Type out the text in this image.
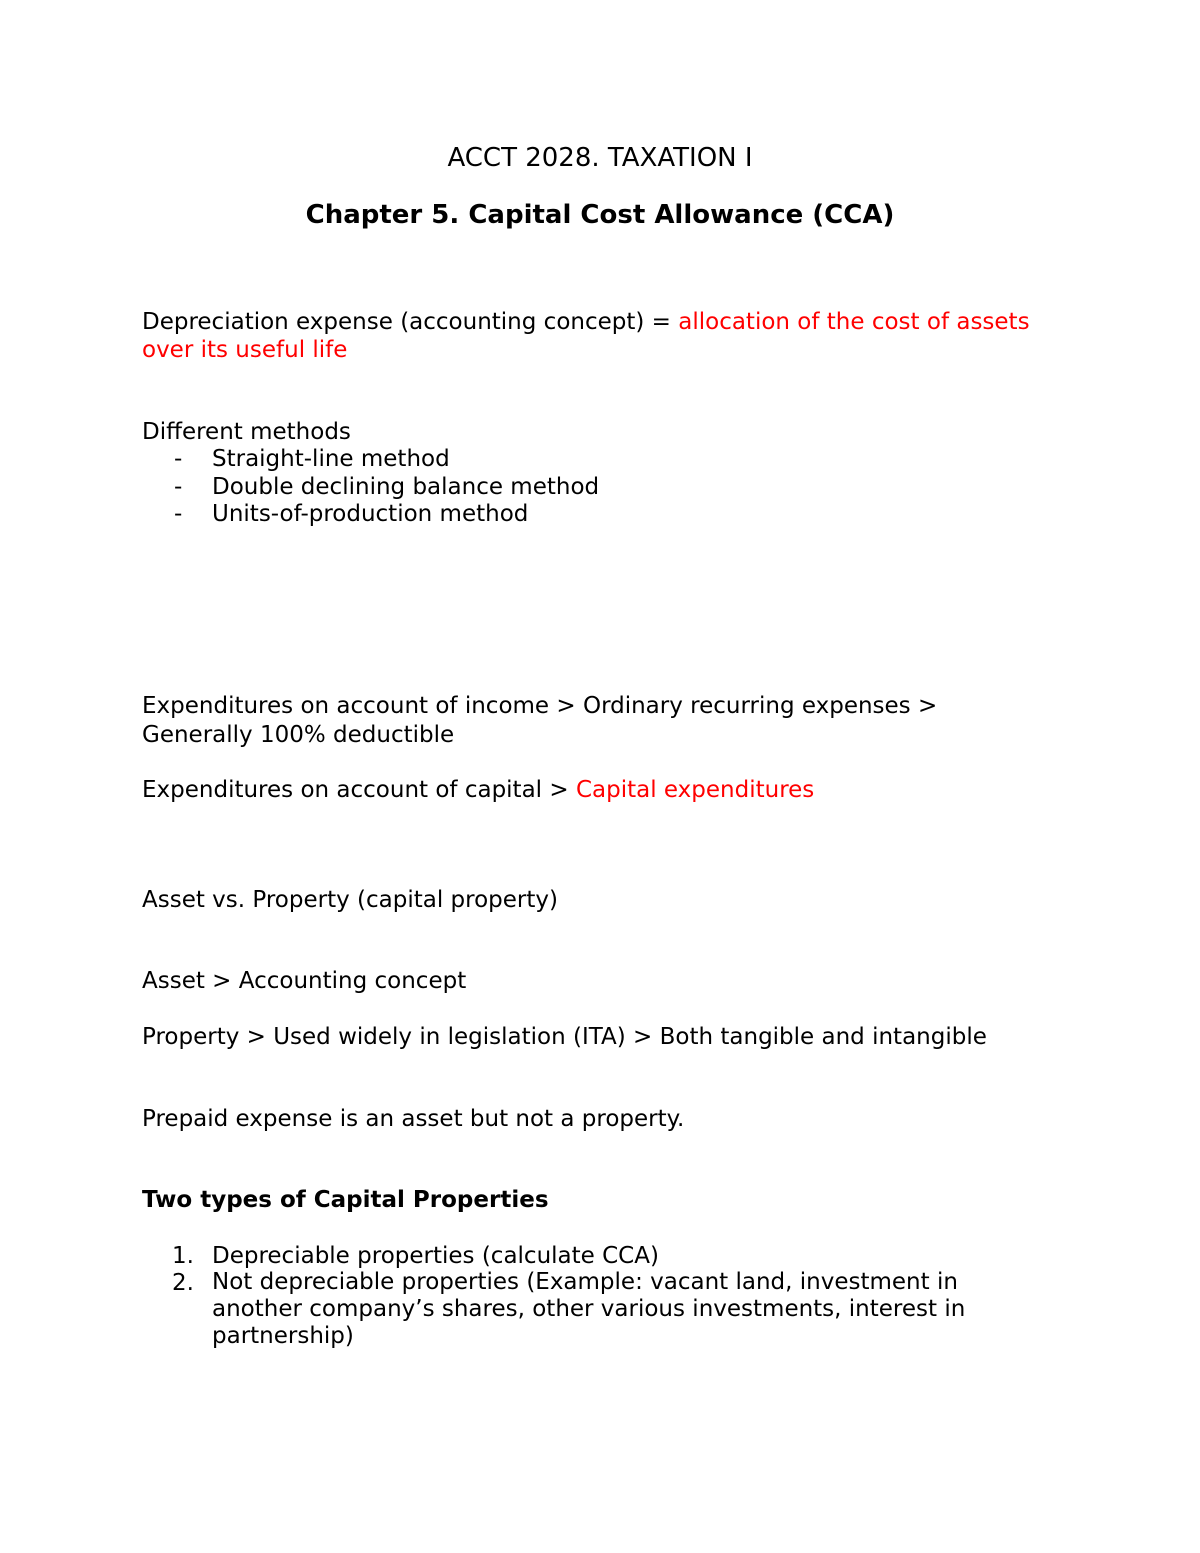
ACCT 2028. TAXATION I
Chapter 5. Capital Cost Allowance (CCA)
Depreciation expense (accounting concept) = allocation of the cost of assets
over its useful life
Different methods
- Straight-line method
- Double declining balance method
- Units-of-production method
Expenditures on account of income > Ordinary recurring expenses >
Generally 100% deductible
Expenditures on account of capital > Capital expenditures
Asset vs. Property (capital property)
Asset > Accounting concept
Property > Used widely in legislation (ITA) > Both tangible and intangible
Prepaid expense is an asset but not a property.
Two types of Capital Properties
1. Depreciable properties (calculate CCA)
2. Not depreciable properties (Example: vacant land, investment in another company’s shares, other various investments, interest in partnership)
